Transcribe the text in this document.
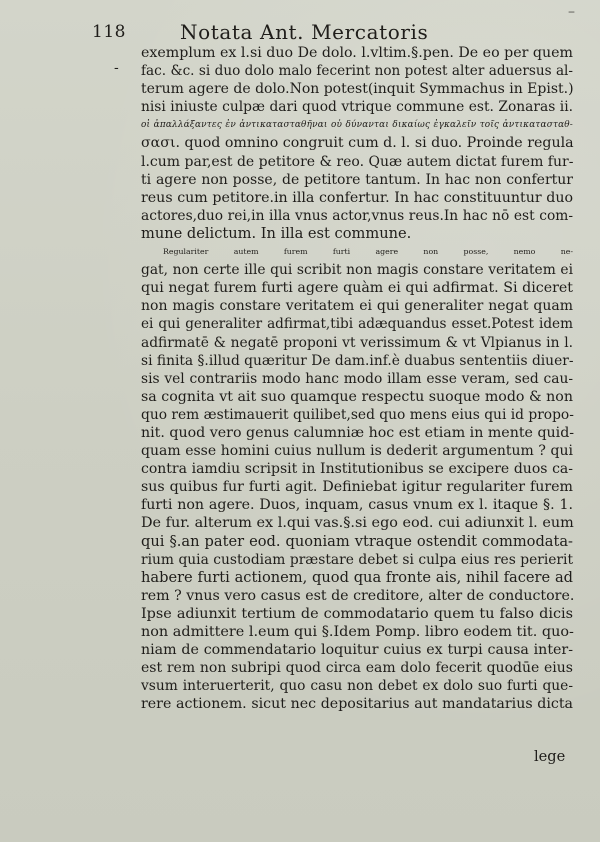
118	Notata Ant. Mercatoris
–
-
exemplum ex l.si duo De dolo. l.vltim.§.pen. De eo per quem
fac. &c. si duo dolo malo fecerint non potest alter aduersus al-
terum agere de dolo.Non potest(inquit Symmachus in Epist.)
nisi iniuste culpæ dari quod vtrique commune est. Zonaras ii.
οἱ ἀπαλλάξαντες ἐν ἀντικατασταθῆναι οὐ δύνανται δικαίως ἐγκαλεῖν τοῖς ἀντικατασταθ-
σασι. quod omnino congruit cum d. l. si duo. Proinde regula
l.cum par,est de petitore & reo. Quæ autem dictat furem fur-
ti agere non posse, de petitore tantum. In hac non confertur
reus cum petitore.in illa confertur. In hac constituuntur duo
actores,duo rei,in illa vnus actor,vnus reus.In hac nō est com-
mune delictum. In illa est commune.
Regulariter autem furem furti agere non posse, nemo ne-
gat, non certe ille qui scribit non magis constare veritatem ei
qui negat furem furti agere quàm ei qui adfirmat. Si diceret
non magis constare veritatem ei qui generaliter negat quam
ei qui generaliter adfirmat,tibi adæquandus esset.Potest idem
adfirmatē & negatē proponi vt verissimum & vt Vlpianus in l.
si finita §.illud quæritur De dam.inf.è duabus sententiis diuer-
sis vel contrariis modo hanc modo illam esse veram, sed cau-
sa cognita vt ait suo quamque respectu suoque modo & non
quo rem æstimauerit quilibet,sed quo mens eius qui id propo-
nit. quod vero genus calumniæ hoc est etiam in mente quid-
quam esse homini cuius nullum is dederit argumentum ? qui
contra iamdiu scripsit in Institutionibus se excipere duos ca-
sus quibus fur furti agit. Definiebat igitur regulariter furem
furti non agere. Duos, inquam, casus vnum ex l. itaque §. 1.
De fur. alterum ex l.qui vas.§.si ego eod. cui adiunxit l. eum
qui §.an pater eod. quoniam vtraque ostendit commodata-
rium quia custodiam præstare debet si culpa eius res perierit
habere furti actionem, quod qua fronte ais, nihil facere ad
rem ? vnus vero casus est de creditore, alter de conductore.
Ipse adiunxit tertium de commodatario quem tu falso dicis
non admittere l.eum qui §.Idem Pomp. libro eodem tit. quo-
niam de commendatario loquitur cuius ex turpi causa inter-
est rem non subripi quod circa eam dolo fecerit quodūe eius
vsum interuerterit, quo casu non debet ex dolo suo furti que-
rere actionem. sicut nec depositarius aut mandatarius dicta
lege
